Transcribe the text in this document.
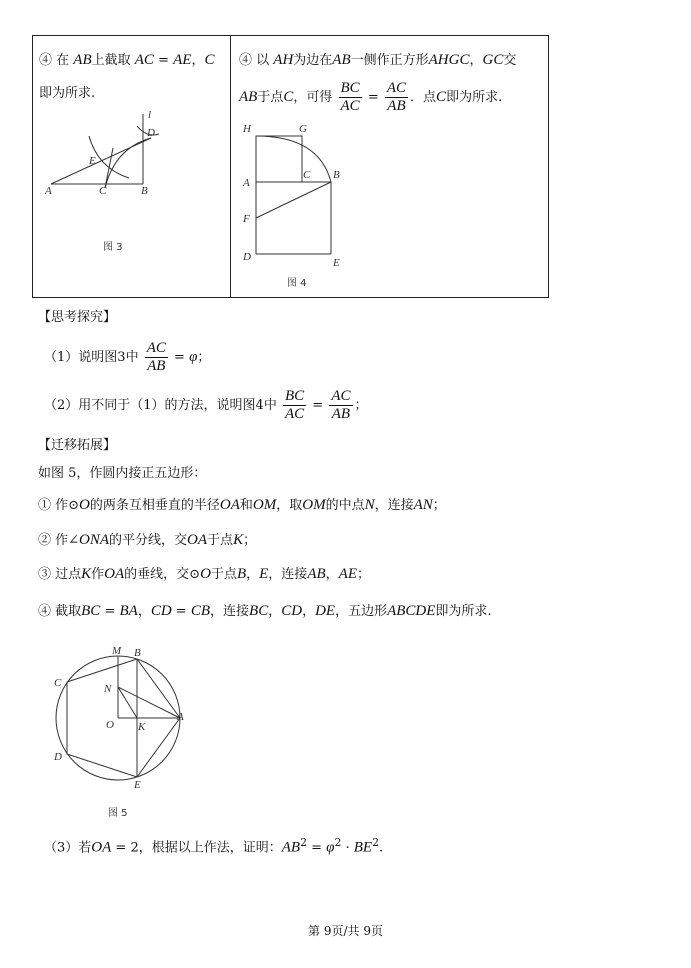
④ 在 AB上截取 AC = AE，C
即为所求.
A	C	B
D
E
l
图 3
④ 以 AH为边在AB一侧作正方形AHGC，GC交
AB于点C，可得 $\frac{BC}{AC} = \frac{AC}{AB}$ ．点C即为所求.
H	G
A
C B
F
D	E
图 4
【思考探究】
（1）说明图3中 $\frac{AC}{AB} = \varphi$；
（2）用不同于（1）的方法，说明图4中 $\frac{BC}{AC} = \frac{AC}{AB}$ ；
【迁移拓展】
如图 5，作圆内接正五边形：
① 作⊙O的两条互相垂直的半径OA和OM，取OM的中点N，连接AN；
② 作∠ONA的平分线，交OA于点K；
③ 过点K作OA的垂线，交⊙O于点B，E，连接AB，AE；
④ 截取BC = BA，CD = CB，连接BC，CD，DE，五边形ABCDE即为所求.
M B
C	N
O K
A
D
E
图 5
（3）若OA = 2，根据以上作法，证明：$AB^2 = \varphi^2 \cdot BE^2$.
第 9页/共 9页
